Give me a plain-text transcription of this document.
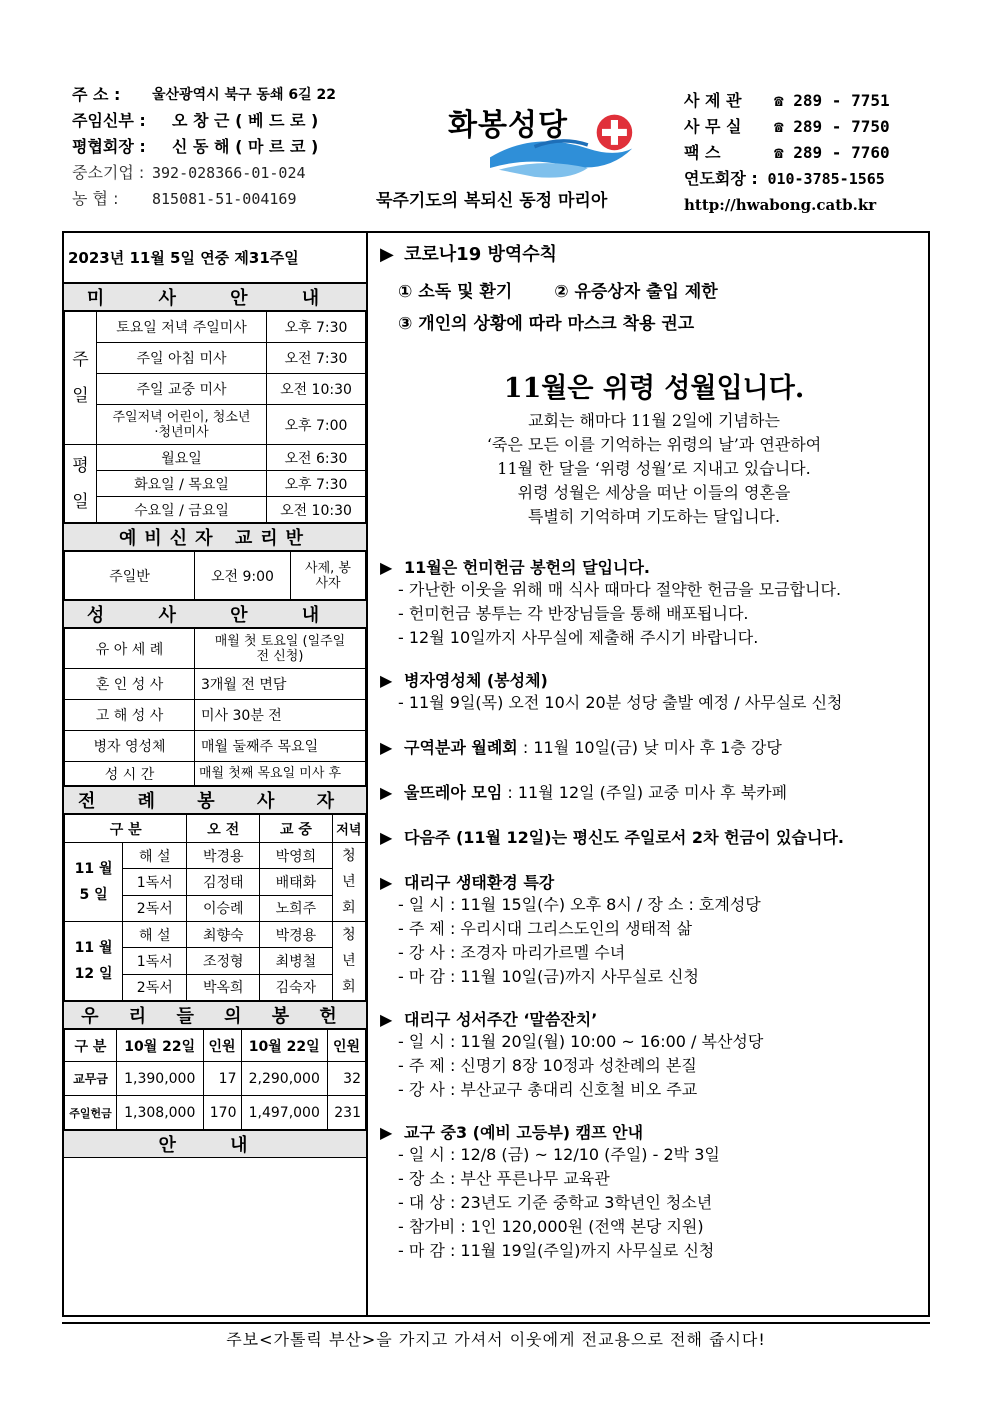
주 소 :	울산광역시 북구 동쇄 6길 22
주임신부 :	오 창 근 ( 베 드 로 )
평협회장 :	신 동 해 ( 마 르 코 )
중소기업 : 392-028366-01-024
농 협 :	815081-51-004169
화봉성당
묵주기도의 복되신 동정 마리아
사 제 관 ☎ 289 - 7751
사 무 실 ☎ 289 - 7750
팩 스	☎ 289 - 7760
연도회장 : 010-3785-1565
http://hwabong.catb.kr
2023년 11월 5일 연중 제31주일
미 사 안 내
주일	토요일 저녁 주일미사	오후 7:30
	주일 아침 미사	오전 7:30
	주일 교중 미사	오전 10:30
	주일저녁 어린이, 청소년·청년미사	오후 7:00
평일	월요일	오전 6:30
	화요일 / 목요일	오후 7:30
	수요일 / 금요일	오전 10:30
예비신자 교리반
주일반	오전 9:00	사제, 봉사자
성 사 안 내
유 아 세 례	매월 첫 토요일 (일주일 전 신청)
혼 인 성 사	3개월 전 면담
고 해 성 사	미사 30분 전
병자 영성체	매월 둘째주 목요일
성 시 간	매월 첫째 목요일 미사 후
전 례 봉 사 자
구 분		오 전	교 중	저녁
11 월 5 일	해 설	박경용	박영희	청년회
	1독서	김정태	배태화	
	2독서	이승례	노희주	
11 월 12 일	해 설	최향숙	박경용	청년회
	1독서	조정형	최병철	
	2독서	박옥희	김숙자	
우 리 들 의 봉 헌
구 분	10월 22일	인원	10월 22일	인원
교무금	1,390,000	17	2,290,000	32
주일헌금	1,308,000	170	1,497,000	231
안 내
▶ 코로나19 방역수칙
① 소독 및 환기 ② 유증상자 출입 제한
③ 개인의 상황에 따라 마스크 착용 권고
11월은 위령 성월입니다.
교회는 해마다 11월 2일에 기념하는
‘죽은 모든 이를 기억하는 위령의 날’과 연관하여
11월 한 달을 ‘위령 성월’로 지내고 있습니다.
위령 성월은 세상을 떠난 이들의 영혼을
특별히 기억하며 기도하는 달입니다.
▶ 11월은 헌미헌금 봉헌의 달입니다.
- 가난한 이웃을 위해 매 식사 때마다 절약한 헌금을 모금합니다.
- 헌미헌금 봉투는 각 반장님들을 통해 배포됩니다.
- 12월 10일까지 사무실에 제출해 주시기 바랍니다.
▶ 병자영성체 (봉성체)
- 11월 9일(목) 오전 10시 20분 성당 출발 예정 / 사무실로 신청
▶ 구역분과 월례회 : 11월 10일(금) 낮 미사 후 1층 강당
▶ 울뜨레아 모임 : 11월 12일 (주일) 교중 미사 후 북카페
▶ 다음주 (11월 12일)는 평신도 주일로서 2차 헌금이 있습니다.
▶ 대리구 생태환경 특강
- 일 시 : 11월 15일(수) 오후 8시 / 장 소 : 호계성당
- 주 제 : 우리시대 그리스도인의 생태적 삶
- 강 사 : 조경자 마리가르멜 수녀
- 마 감 : 11월 10일(금)까지 사무실로 신청
▶ 대리구 성서주간 ‘말씀잔치’
- 일 시 : 11월 20일(월) 10:00 ~ 16:00 / 복산성당
- 주 제 : 신명기 8장 10정과 성찬례의 본질
- 강 사 : 부산교구 총대리 신호철 비오 주교
▶ 교구 중3 (예비 고등부) 캠프 안내
- 일 시 : 12/8 (금) ~ 12/10 (주일) - 2박 3일
- 장 소 : 부산 푸른나무 교육관
- 대 상 : 23년도 기준 중학교 3학년인 청소년
- 참가비 : 1인 120,000원 (전액 본당 지원)
- 마 감 : 11월 19일(주일)까지 사무실로 신청
주보<가톨릭 부산>을 가지고 가셔서 이웃에게 전교용으로 전해 줍시다!
